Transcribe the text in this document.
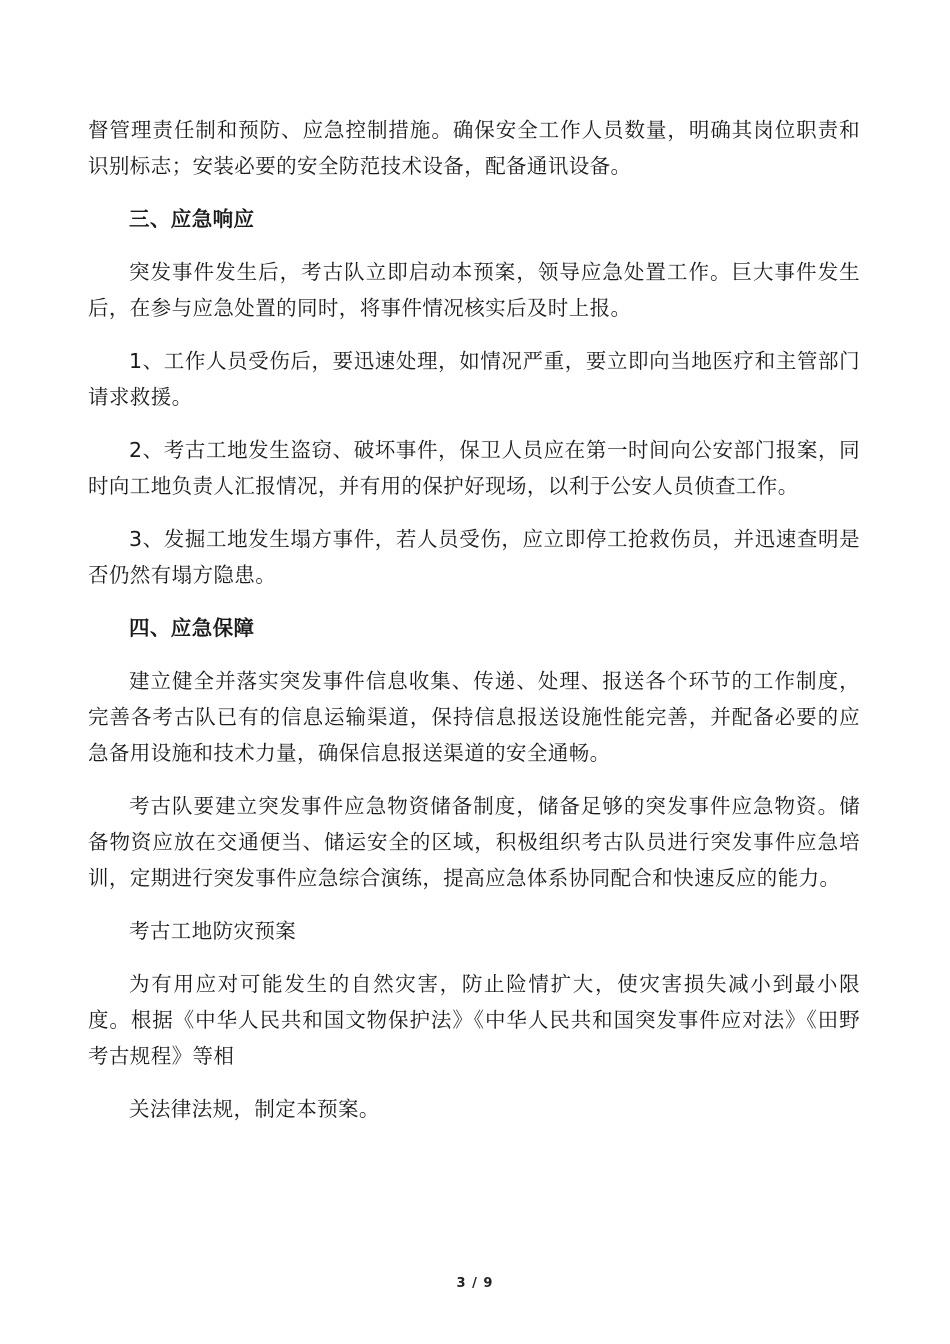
督管理责任制和预防、应急控制措施。确保安全工作人员数量，明确其岗位职责和识别标志；安装必要的安全防范技术设备，配备通讯设备。

三、应急响应

突发事件发生后，考古队立即启动本预案，领导应急处置工作。巨大事件发生后，在参与应急处置的同时，将事件情况核实后及时上报。

1、工作人员受伤后，要迅速处理，如情况严重，要立即向当地医疗和主管部门请求救援。

2、考古工地发生盗窃、破坏事件，保卫人员应在第一时间向公安部门报案，同时向工地负责人汇报情况，并有用的保护好现场，以利于公安人员侦查工作。

3、发掘工地发生塌方事件，若人员受伤，应立即停工抢救伤员，并迅速查明是否仍然有塌方隐患。

四、应急保障

建立健全并落实突发事件信息收集、传递、处理、报送各个环节的工作制度，完善各考古队已有的信息运输渠道，保持信息报送设施性能完善，并配备必要的应急备用设施和技术力量，确保信息报送渠道的安全通畅。

考古队要建立突发事件应急物资储备制度，储备足够的突发事件应急物资。储备物资应放在交通便当、储运安全的区域，积极组织考古队员进行突发事件应急培训，定期进行突发事件应急综合演练，提高应急体系协同配合和快速反应的能力。

考古工地防灾预案

为有用应对可能发生的自然灾害，防止险情扩大，使灾害损失减小到最小限度。根据《中华人民共和国文物保护法》《中华人民共和国突发事件应对法》《田野考古规程》等相

关法律法规，制定本预案。

3 / 9
